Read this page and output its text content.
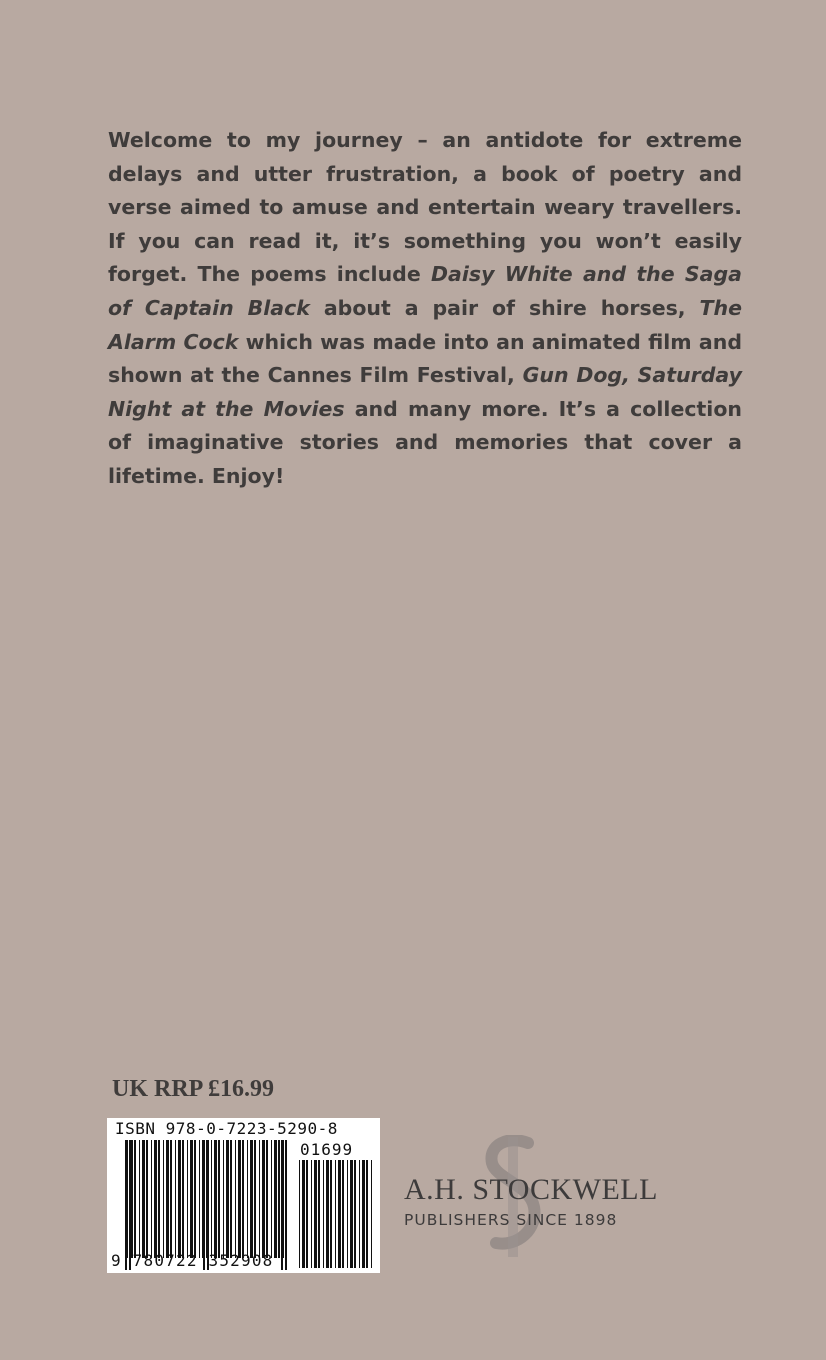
Welcome to my journey – an antidote for extreme delays and utter frustration, a book of poetry and verse aimed to amuse and entertain weary travellers. If you can read it, it’s something you won’t easily forget. The poems include Daisy White and the Saga of Captain Black about a pair of shire horses, The Alarm Cock which was made into an animated film and shown at the Cannes Film Festival, Gun Dog, Saturday Night at the Movies and many more. It’s a collection of imaginative stories and memories that cover a lifetime. Enjoy!

UK RRP £16.99
ISBN 978-0-7223-5290-8
01699
9 780722 352908
A.H. STOCKWELL
PUBLISHERS SINCE 1898
